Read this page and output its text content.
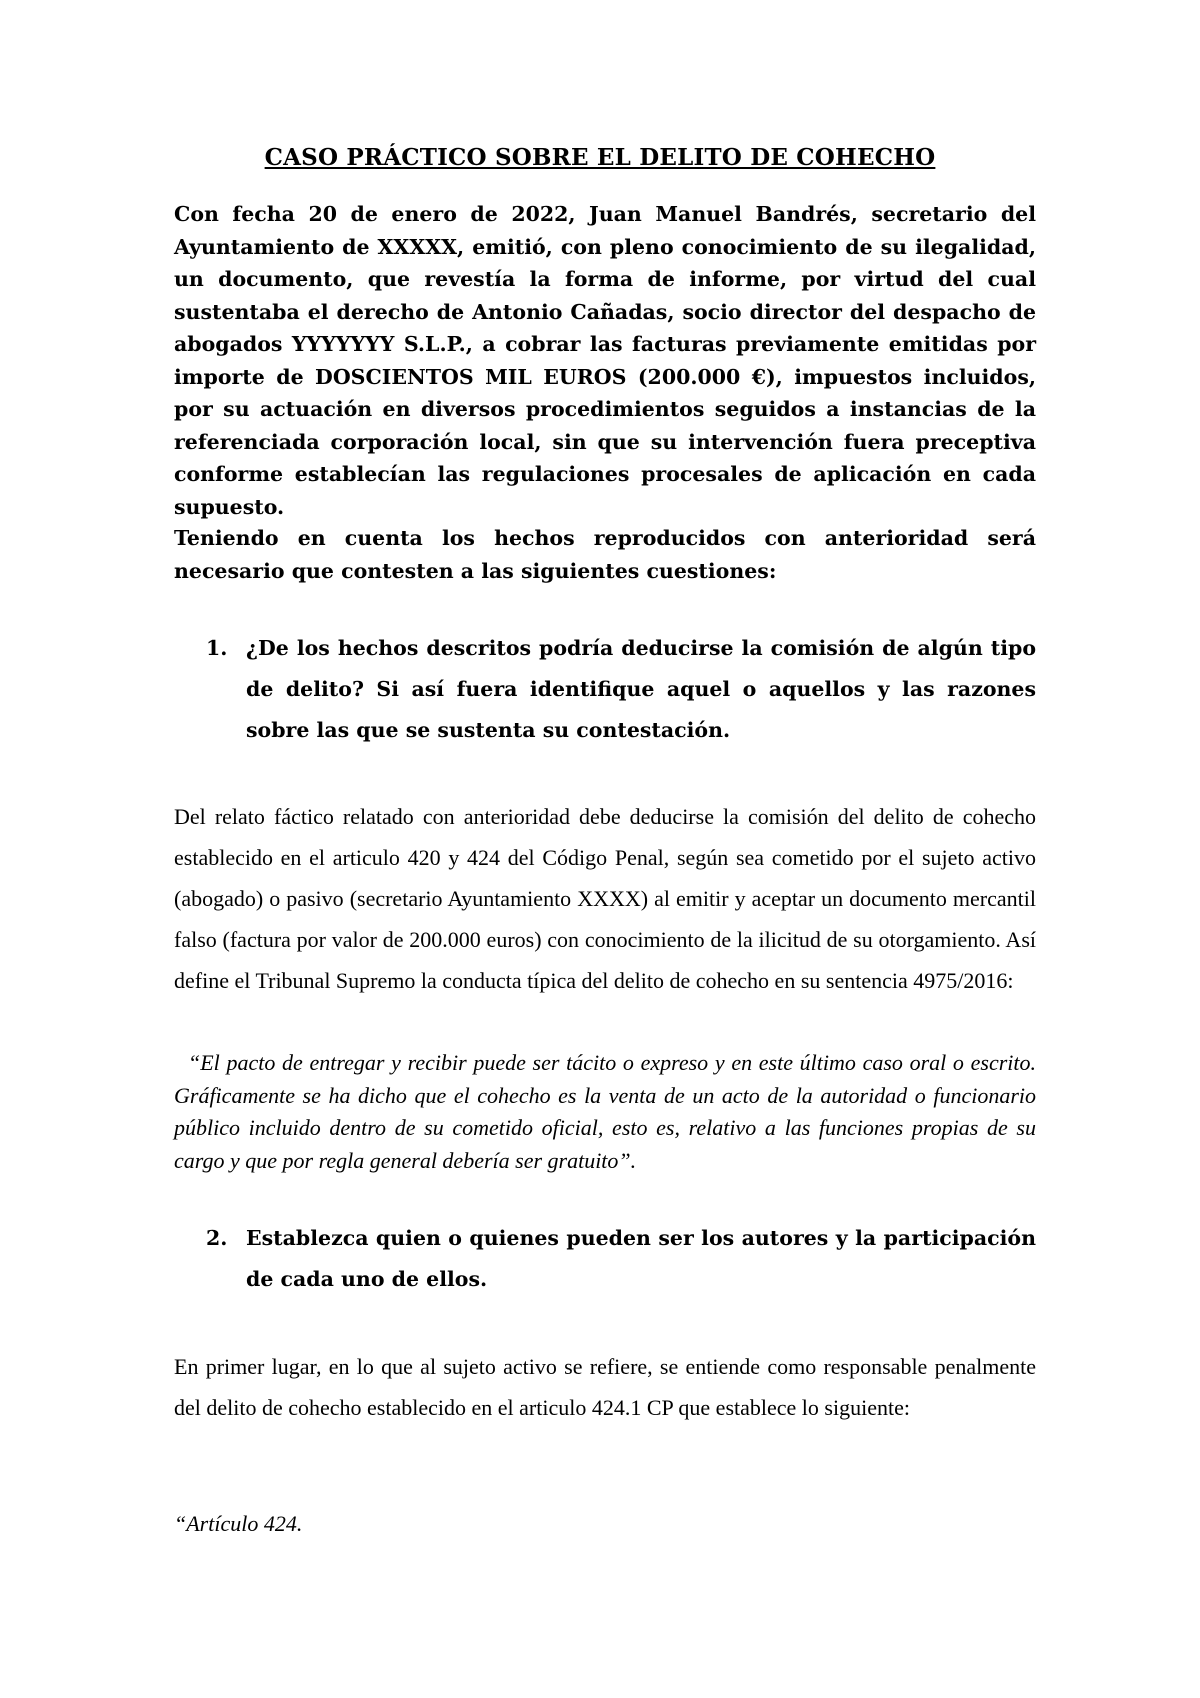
CASO PRÁCTICO SOBRE EL DELITO DE COHECHO
Con fecha 20 de enero de 2022, Juan Manuel Bandrés, secretario del Ayuntamiento de XXXXX, emitió, con pleno conocimiento de su ilegalidad, un documento, que revestía la forma de informe, por virtud del cual sustentaba el derecho de Antonio Cañadas, socio director del despacho de abogados YYYYYYY S.L.P., a cobrar las facturas previamente emitidas por importe de DOSCIENTOS MIL EUROS (200.000 €), impuestos incluidos, por su actuación en diversos procedimientos seguidos a instancias de la referenciada corporación local, sin que su intervención fuera preceptiva conforme establecían las regulaciones procesales de aplicación en cada supuesto.
Teniendo en cuenta los hechos reproducidos con anterioridad será necesario que contesten a las siguientes cuestiones:
1. ¿De los hechos descritos podría deducirse la comisión de algún tipo de delito? Si así fuera identifique aquel o aquellos y las razones sobre las que se sustenta su contestación.
Del relato fáctico relatado con anterioridad debe deducirse la comisión del delito de cohecho establecido en el articulo 420 y 424 del Código Penal, según sea cometido por el sujeto activo (abogado) o pasivo (secretario Ayuntamiento XXXX) al emitir y aceptar un documento mercantil falso (factura por valor de 200.000 euros) con conocimiento de la ilicitud de su otorgamiento. Así define el Tribunal Supremo la conducta típica del delito de cohecho en su sentencia 4975/2016:
“El pacto de entregar y recibir puede ser tácito o expreso y en este último caso oral o escrito. Gráficamente se ha dicho que el cohecho es la venta de un acto de la autoridad o funcionario público incluido dentro de su cometido oficial, esto es, relativo a las funciones propias de su cargo y que por regla general debería ser gratuito”.
2. Establezca quien o quienes pueden ser los autores y la participación de cada uno de ellos.
En primer lugar, en lo que al sujeto activo se refiere, se entiende como responsable penalmente del delito de cohecho establecido en el articulo 424.1 CP que establece lo siguiente:
“Artículo 424.
